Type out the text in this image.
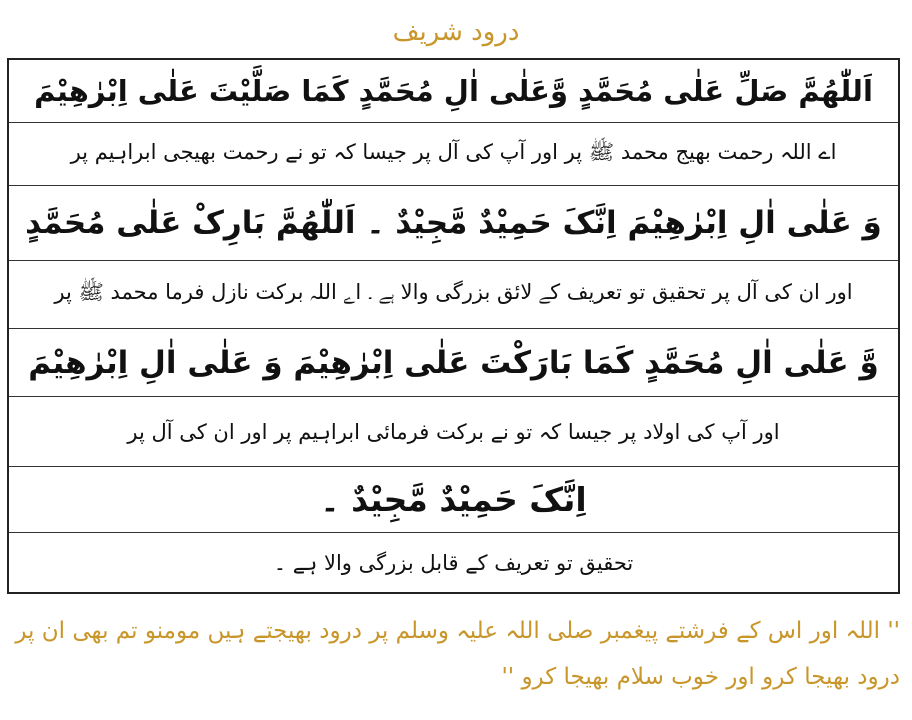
درود شریف
اَللّٰھُمَّ صَلِّ عَلٰی مُحَمَّدٍ وَّعَلٰی اٰلِ مُحَمَّدٍ کَمَا صَلَّیْتَ عَلٰی اِبْرٰهِیْمَ
اے اللہ رحمت بھیج محمد ﷺ پر اور آپ کی آل پر جیسا کہ تو نے رحمت بھیجی ابراہیم پر
وَ عَلٰی اٰلِ اِبْرٰهِیْمَ اِنَّکَ حَمِیْدٌ مَّجِیْدٌ ۔ اَللّٰھُمَّ بَارِکْ عَلٰی مُحَمَّدٍ
اور ان کی آل پر تحقیق تو تعریف کے لائق بزرگی والا ہے ۔ اے اللہ برکت نازل فرما محمد ﷺ پر
وَّ عَلٰی اٰلِ مُحَمَّدٍ کَمَا بَارَکْتَ عَلٰی اِبْرٰهِیْمَ وَ عَلٰی اٰلِ اِبْرٰهِیْمَ
اور آپ کی اولاد پر جیسا کہ تو نے برکت فرمائی ابراہیم پر اور ان کی آل پر
اِنَّکَ حَمِیْدٌ مَّجِیْدٌ ۔
تحقیق تو تعریف کے قابل بزرگی والا ہے ۔
'' اللہ اور اس کے فرشتے پیغمبر صلی اللہ علیہ وسلم پر درود بھیجتے ہیں مومنو تم بھی ان پر درود بھیجا کرو اور خوب سلام بھیجا کرو ''
